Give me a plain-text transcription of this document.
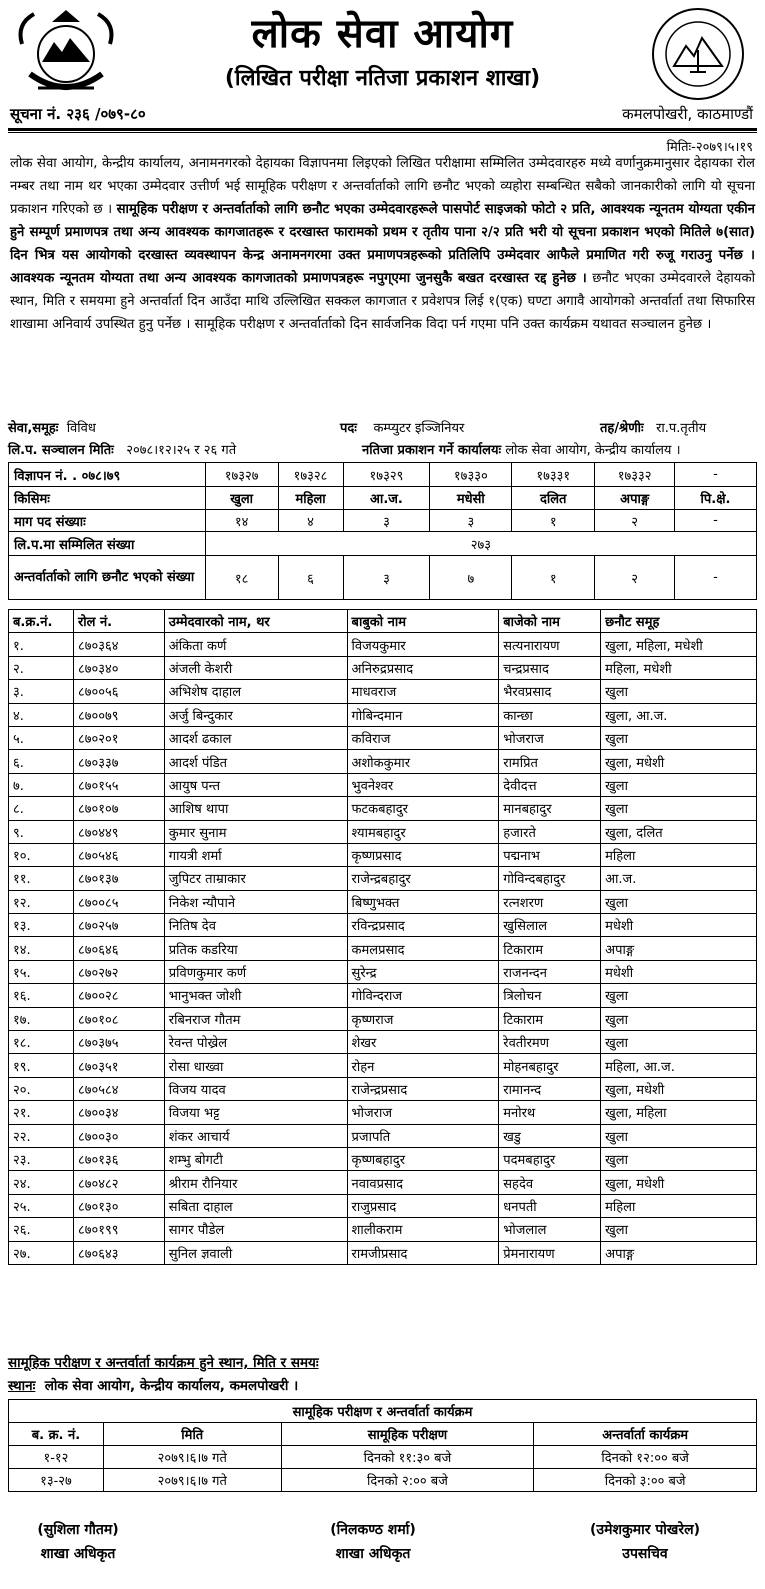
लोक सेवा आयोग
(लिखित परीक्षा नतिजा प्रकाशन शाखा)
सूचना नं. २३६ /०७९-८०	कमलपोखरी, काठमाण्डौं
मितिः-२०७९।५।१९
लोक सेवा आयोग, केन्द्रीय कार्यालय, अनामनगरको देहायका विज्ञापनमा लिइएको लिखित परीक्षामा सम्मिलित उम्मेदवारहरु मध्ये वर्णानुक्रमानुसार देहायका रोल नम्बर तथा नाम थर भएका उम्मेदवार उत्तीर्ण भई सामूहिक परीक्षण र अन्तर्वार्ताको लागि छनौट भएको व्यहोरा सम्बन्धित सबैको जानकारीको लागि यो सूचना प्रकाशन गरिएको छ । सामूहिक परीक्षण र अन्तर्वार्ताको लागि छनौट भएका उम्मेदवारहरूले पासपोर्ट साइजको फोटो २ प्रति, आवश्यक न्यूनतम योग्यता एकीन हुने सम्पूर्ण प्रमाणपत्र तथा अन्य आवश्यक कागजातहरू र दरखास्त फारामको प्रथम र तृतीय पाना २/२ प्रति भरी यो सूचना प्रकाशन भएको मितिले ७(सात) दिन भित्र यस आयोगको दरखास्त व्यवस्थापन केन्द्र अनामनगरमा उक्त प्रमाणपत्रहरूको प्रतिलिपि उम्मेदवार आफैले प्रमाणित गरी रुजू गराउनु पर्नेछ । आवश्यक न्यूनतम योग्यता तथा अन्य आवश्यक कागजातको प्रमाणपत्रहरू नपुग्एमा जुनसुकै बखत दरखास्त रद्द हुनेछ । छनौट भएका उम्मेदवारले देहायको स्थान, मिति र समयमा हुने अन्तर्वार्ता दिन आउँदा माथि उल्लिखित सक्कल कागजात र प्रवेशपत्र लिई १(एक) घण्टा अगावै आयोगको अन्तर्वार्ता तथा सिफारिस शाखामा अनिवार्य उपस्थित हुनु पर्नेछ । सामूहिक परीक्षण र अन्तर्वार्ताको दिन सार्वजनिक विदा पर्न गएमा पनि उक्त कार्यक्रम यथावत सञ्चालन हुनेछ ।
सेवा,समूहः विविध	पदः कम्प्युटर इञ्जिनियर	तह/श्रेणीः रा.प.तृतीय
लि.प. सञ्चालन मितिः २०७८।१२।२५ र २६ गते	नतिजा प्रकाशन गर्ने कार्यालयः लोक सेवा आयोग, केन्द्रीय कार्यालय ।
विज्ञापन नं. . ०७८।७९	१७३२७	१७३२८	१७३२९	१७३३०	१७३३१	१७३३२	-
किसिमः	खुला	महिला	आ.ज.	मधेसी	दलित	अपाङ्ग	पि.क्षे.
माग पद संख्याः	१४	४	३	३	१	२	-
लि.प.मा सम्मिलित संख्या	२७३						
अन्तर्वार्ताको लागि छनौट भएको संख्या	१८	६	३	७	१	२	-
ब.क्र.नं.	रोल नं.	उम्मेदवारको नाम, थर	बाबुको नाम	बाजेको नाम	छनौट समूह
१.	८७०३६४	अंकिता कर्ण	विजयकुमार	सत्यनारायण	खुला, महिला, मधेशी
२.	८७०३४०	अंजली केशरी	अनिरुद्रप्रसाद	चन्द्रप्रसाद	महिला, मधेशी
३.	८७००५६	अभिशेष दाहाल	माधवराज	भैरवप्रसाद	खुला
४.	८७००७९	अर्जु बिन्दुकार	गोबिन्दमान	कान्छा	खुला, आ.ज.
५.	८७०२०१	आदर्श ढकाल	कविराज	भोजराज	खुला
६.	८७०३३७	आदर्श पंडित	अशोककुमार	रामप्रित	खुला, मधेशी
७.	८७०१५५	आयुष पन्त	भुवनेश्वर	देवीदत्त	खुला
८.	८७०१०७	आशिष थापा	फटकबहादुर	मानबहादुर	खुला
९.	८७०४४९	कुमार सुनाम	श्यामबहादुर	हजारते	खुला, दलित
१०.	८७०५४६	गायत्री शर्मा	कृष्णप्रसाद	पद्मनाभ	महिला
११.	८७०१३७	जुपिटर ताम्राकार	राजेन्द्रबहादुर	गोविन्दबहादुर	आ.ज.
१२.	८७००८५	निकेश न्यौपाने	बिष्णुभक्त	रत्नशरण	खुला
१३.	८७०२५७	नितिष देव	रविन्द्रप्रसाद	खुसिलाल	मधेशी
१४.	८७०६४६	प्रतिक कडरिया	कमलप्रसाद	टिकाराम	अपाङ्ग
१५.	८७०२७२	प्रविणकुमार कर्ण	सुरेन्द्र	राजनन्दन	मधेशी
१६.	८७००२८	भानुभक्त जोशी	गोविन्दराज	त्रिलोचन	खुला
१७.	८७०१०८	रबिनराज गौतम	कृष्णराज	टिकाराम	खुला
१८.	८७०३७५	रेवन्त पोख्रेल	शेखर	रेवतीरमण	खुला
१९.	८७०३५१	रोसा धाख्वा	रोहन	मोहनबहादुर	महिला, आ.ज.
२०.	८७०५८४	विजय यादव	राजेन्द्रप्रसाद	रामानन्द	खुला, मधेशी
२१.	८७००३४	विजया भट्ट	भोजराज	मनोरथ	खुला, महिला
२२.	८७००३०	शंकर आचार्य	प्रजापति	खडु	खुला
२३.	८७०१३६	शम्भु बोगटी	कृष्णबहादुर	पदमबहादुर	खुला
२४.	८७०४८२	श्रीराम रौनियार	नवावप्रसाद	सहदेव	खुला, मधेशी
२५.	८७०१३०	सबिता दाहाल	राजुप्रसाद	धनपती	महिला
२६.	८७०१९९	सागर पौडेल	शालीकराम	भोजलाल	खुला
२७.	८७०६४३	सुनिल ज्ञवाली	रामजीप्रसाद	प्रेमनारायण	अपाङ्ग
सामूहिक परीक्षण र अन्तर्वार्ता कार्यक्रम हुने स्थान, मिति र समयः
स्थानः लोक सेवा आयोग, केन्द्रीय कार्यालय, कमलपोखरी ।
सामूहिक परीक्षण र अन्तर्वार्ता कार्यक्रम			
ब. क्र. नं.	मिति	सामूहिक परीक्षण	अन्तर्वार्ता कार्यक्रम
१-१२	२०७९।६।७ गते	दिनको ११:३० बजे	दिनको १२:०० बजे
१३-२७	२०७९।६।७ गते	दिनको २:०० बजे	दिनको ३:०० बजे
(सुशिला गौतम)
शाखा अधिकृत
(निलकण्ठ शर्मा)
शाखा अधिकृत
(उमेशकुमार पोखरेल)
उपसचिव
